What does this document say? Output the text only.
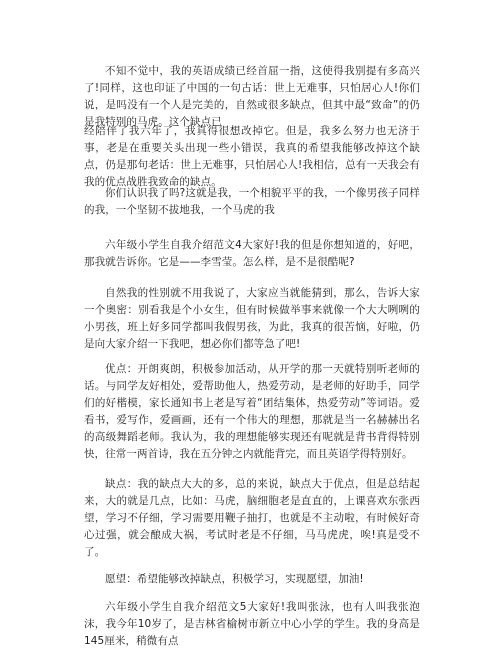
不知不觉中，我的英语成绩已经首屈一指，这使得我别提有多高兴了!同样，这也印证了中国的一句古话：世上无难事，只怕居心人!你们说，是吗没有一个人是完美的，自然或很多缺点，但其中最“致命”的仍是我特别的马虎。这个缺点已

经陪伴了我六年了，我真得很想改掉它。但是，我多么努力也无济于事，老是在重要关头出现一些小错误，我真的希望我能够改掉这个缺点，仍是那句老话：世上无难事，只怕居心人!我相信，总有一天我会有我的优点战胜我致命的缺点。

你们认识我了吗?这就是我，一个相貌平平的我，一个像男孩子同样的我，一个坚韧不拔地我，一个马虎的我

六年级小学生自我介绍范文4大家好!我的但是你想知道的，好吧，那我就告诉你。它是——李雪莹。怎么样，是不是很酷呢?

自然我的性别就不用我说了，大家应当就能猜到，那么，告诉大家一个奥密：别看我是个小女生，但有时候做举事来就像一个大大咧咧的小男孩，班上好多同学都叫我假男孩，为此，我真的很苦恼，好啦，仍是向大家介绍一下我吧，想必你们都等急了吧!

优点：开朗爽朗，积极参加活动，从开学的那一天就特别听老师的话。与同学友好相处，爱帮助他人，热爱劳动，是老师的好助手，同学们的好楷模，家长通知书上老是写着“团结集体，热爱劳动”等词语。爱看书，爱写作，爱画画，还有一个伟大的理想，那就是当一名赫赫出名的高级舞蹈老师。我认为，我的理想能够实现还有呢就是背书背得特别快，往常一两首诗，我在五分钟之内就能背完，而且英语学得特别好。

缺点：我的缺点大大的多，总的来说，缺点大于优点，但是总结起来，大的就是几点，比如：马虎，脑细胞老是直直的，上课喜欢东张西望，学习不仔细，学习需要用鞭子抽打，也就是不主动啦，有时候好奇心过强，就会酿成大祸，考试时老是不仔细，马马虎虎，唉!真是受不了。

愿望：希望能够改掉缺点，积极学习，实现愿望，加油!

六年级小学生自我介绍范文5大家好!我叫张泳，也有人叫我张泡沫，我今年10岁了，是吉林省榆树市新立中心小学的学生。我的身高是145厘米，稍微有点
